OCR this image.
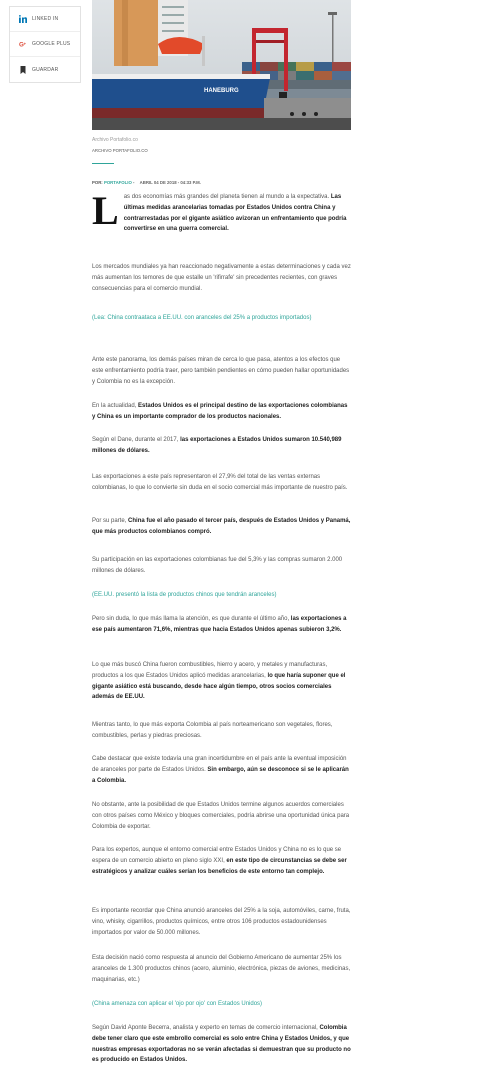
LINKED IN
G + GOOGLE PLUS
GUARDAR
HANEBURG
Archivo Portafolio.co
ARCHIVO PORTAFOLIO.CO
POR: PORTAFOLIO - ABRIL 04 DE 2018 - 04:33 P.M.
L as dos economías más grandes del planeta tienen al mundo a la expectativa. Las últimas medidas arancelarias tomadas por Estados Unidos contra China y contrarrestadas por el gigante asiático avizoran un enfrentamiento que podría convertirse en una guerra comercial.
Los mercados mundiales ya han reaccionado negativamente a estas determinaciones y cada vez más aumentan los temores de que estalle un 'rifirrafe' sin precedentes recientes, con graves consecuencias para el comercio mundial.
(Lea: China contraataca a EE.UU. con aranceles del 25% a productos importados)
Ante este panorama, los demás países miran de cerca lo que pasa, atentos a los efectos que este enfrentamiento podría traer, pero también pendientes en cómo pueden hallar oportunidades y Colombia no es la excepción.
En la actualidad, Estados Unidos es el principal destino de las exportaciones colombianas y China es un importante comprador de los productos nacionales.
Según el Dane, durante el 2017, las exportaciones a Estados Unidos sumaron 10.540,989 millones de dólares.
Las exportaciones a este país representaron el 27,9% del total de las ventas externas colombianas, lo que lo convierte sin duda en el socio comercial más importante de nuestro país.
Por su parte, China fue el año pasado el tercer país, después de Estados Unidos y Panamá, que más productos colombianos compró.
Su participación en las exportaciones colombianas fue del 5,3% y las compras sumaron 2.000 millones de dólares.
(EE.UU. presentó la lista de productos chinos que tendrán aranceles)
Pero sin duda, lo que más llama la atención, es que durante el último año, las exportaciones a ese país aumentaron 71,6%, mientras que hacia Estados Unidos apenas subieron 3,2%.
Lo que más buscó China fueron combustibles, hierro y acero, y metales y manufacturas, productos a los que Estados Unidos aplicó medidas arancelarias, lo que haría suponer que el gigante asiático está buscando, desde hace algún tiempo, otros socios comerciales además de EE.UU.
Mientras tanto, lo que más exporta Colombia al país norteamericano son vegetales, flores, combustibles, perlas y piedras preciosas.
Cabe destacar que existe todavía una gran incertidumbre en el país ante la eventual imposición de aranceles por parte de Estados Unidos. Sin embargo, aún se desconoce si se le aplicarán a Colombia.
No obstante, ante la posibilidad de que Estados Unidos termine algunos acuerdos comerciales con otros países como México y bloques comerciales, podría abrirse una oportunidad única para Colombia de exportar.
Para los expertos, aunque el entorno comercial entre Estados Unidos y China no es lo que se espera de un comercio abierto en pleno siglo XXI, en este tipo de circunstancias se debe ser estratégicos y analizar cuáles serían los beneficios de este entorno tan complejo.
Es importante recordar que China anunció aranceles del 25% a la soja, automóviles, carne, fruta, vino, whisky, cigarrillos, productos químicos, entre otros 106 productos estadounidenses importados por valor de 50.000 millones.
Esta decisión nació como respuesta al anuncio del Gobierno Americano de aumentar 25% los aranceles de 1.300 productos chinos (acero, aluminio, electrónica, piezas de aviones, medicinas, maquinarias, etc.)
(China amenaza con aplicar el 'ojo por ojo' con Estados Unidos)
Según David Aponte Becerra, analista y experto en temas de comercio internacional, Colombia debe tener claro que este embrollo comercial es solo entre China y Estados Unidos, y que nuestras empresas exportadoras no se verán afectadas si demuestran que su producto no es producido en Estados Unidos.
